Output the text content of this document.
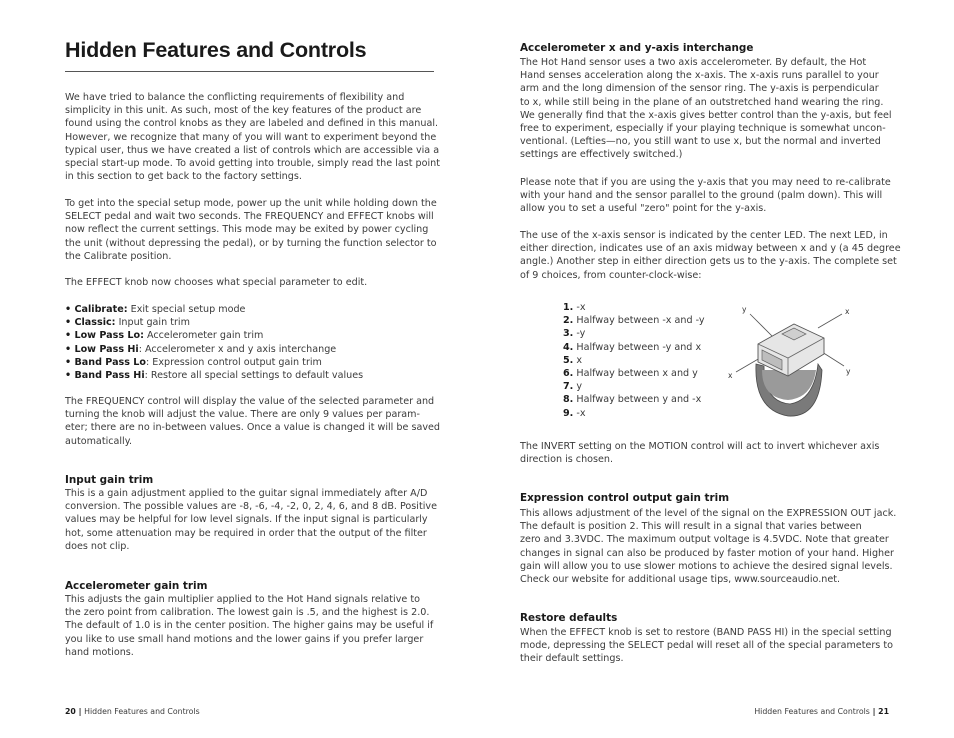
Hidden Features and Controls

We have tried to balance the conflicting requirements of flexibility and
simplicity in this unit. As such, most of the key features of the product are
found using the control knobs as they are labeled and defined in this manual.
However, we recognize that many of you will want to experiment beyond the
typical user, thus we have created a list of controls which are accessible via a
special start-up mode. To avoid getting into trouble, simply read the last point
in this section to get back to the factory settings.

To get into the special setup mode, power up the unit while holding down the
SELECT pedal and wait two seconds. The FREQUENCY and EFFECT knobs will
now reflect the current settings. This mode may be exited by power cycling
the unit (without depressing the pedal), or by turning the function selector to
the Calibrate position.

The EFFECT knob now chooses what special parameter to edit.

• Calibrate: Exit special setup mode
• Classic: Input gain trim
• Low Pass Lo: Accelerometer gain trim
• Low Pass Hi: Accelerometer x and y axis interchange
• Band Pass Lo: Expression control output gain trim
• Band Pass Hi: Restore all special settings to default values

The FREQUENCY control will display the value of the selected parameter and
turning the knob will adjust the value. There are only 9 values per param-
eter; there are no in-between values. Once a value is changed it will be saved
automatically.

Input gain trim

This is a gain adjustment applied to the guitar signal immediately after A/D
conversion. The possible values are -8, -6, -4, -2, 0, 2, 4, 6, and 8 dB. Positive
values may be helpful for low level signals. If the input signal is particularly
hot, some attenuation may be required in order that the output of the filter
does not clip.

Accelerometer gain trim

This adjusts the gain multiplier applied to the Hot Hand signals relative to
the zero point from calibration. The lowest gain is .5, and the highest is 2.0.
The default of 1.0 is in the center position. The higher gains may be useful if
you like to use small hand motions and the lower gains if you prefer larger
hand motions.

20 | Hidden Features and Controls
Accelerometer x and y-axis interchange

The Hot Hand sensor uses a two axis accelerometer. By default, the Hot
Hand senses acceleration along the x-axis. The x-axis runs parallel to your
arm and the long dimension of the sensor ring. The y-axis is perpendicular
to x, while still being in the plane of an outstretched hand wearing the ring.
We generally find that the x-axis gives better control than the y-axis, but feel
free to experiment, especially if your playing technique is somewhat uncon-
ventional. (Lefties—no, you still want to use x, but the normal and inverted
settings are effectively switched.)

Please note that if you are using the y-axis that you may need to re-calibrate
with your hand and the sensor parallel to the ground (palm down). This will
allow you to set a useful "zero" point for the y-axis.

The use of the x-axis sensor is indicated by the center LED. The next LED, in
either direction, indicates use of an axis midway between x and y (a 45 degree
angle.) Another step in either direction gets us to the y-axis. The complete set
of 9 choices, from counter-clock-wise:

The INVERT setting on the MOTION control will act to invert whichever axis
direction is chosen.

Expression control output gain trim

This allows adjustment of the level of the signal on the EXPRESSION OUT jack.
The default is position 2. This will result in a signal that varies between
zero and 3.3VDC. The maximum output voltage is 4.5VDC. Note that greater
changes in signal can also be produced by faster motion of your hand. Higher
gain will allow you to use slower motions to achieve the desired signal levels.
Check our website for additional usage tips, www.sourceaudio.net.

Restore defaults

When the EFFECT knob is set to restore (BAND PASS HI) in the special setting
mode, depressing the SELECT pedal will reset all of the special parameters to
their default settings.

Hidden Features and Controls | 21
1. -x
2. Halfway between -x and -y
3. -y
4. Halfway between -y and x
5. x
6. Halfway between x and y
7. y
8. Halfway between y and -x
9. -x
y	x
x	y
